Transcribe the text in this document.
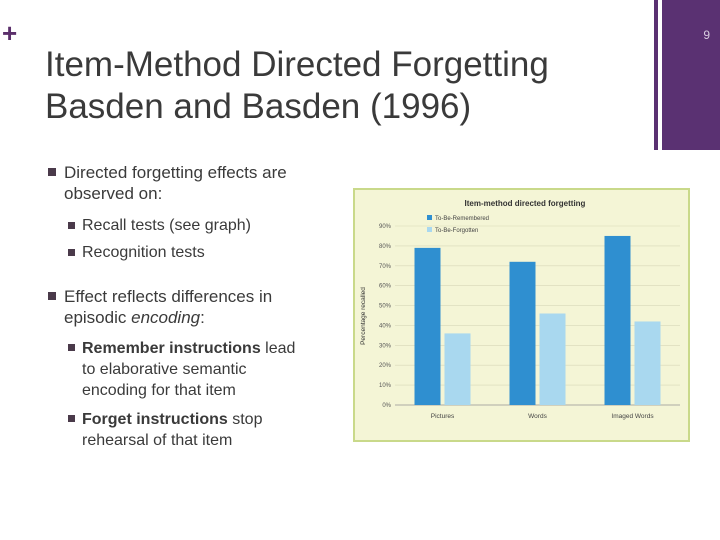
+
Item-Method Directed Forgetting
Basden and Basden (1996)
9
Directed forgetting effects are
observed on:
Recall tests (see graph)
Recognition tests
Effect reflects differences in
episodic encoding:
Remember instructions lead
to elaborative semantic
encoding for that item
Forget instructions stop
rehearsal of that item
Item-method directed forgetting
Percentage recalled
0%
10%
20%
30%
40%
50%
60%
70%
80%
90%
Pictures	Words	Imaged Words
To-Be-Remembered
To-Be-Forgotten
